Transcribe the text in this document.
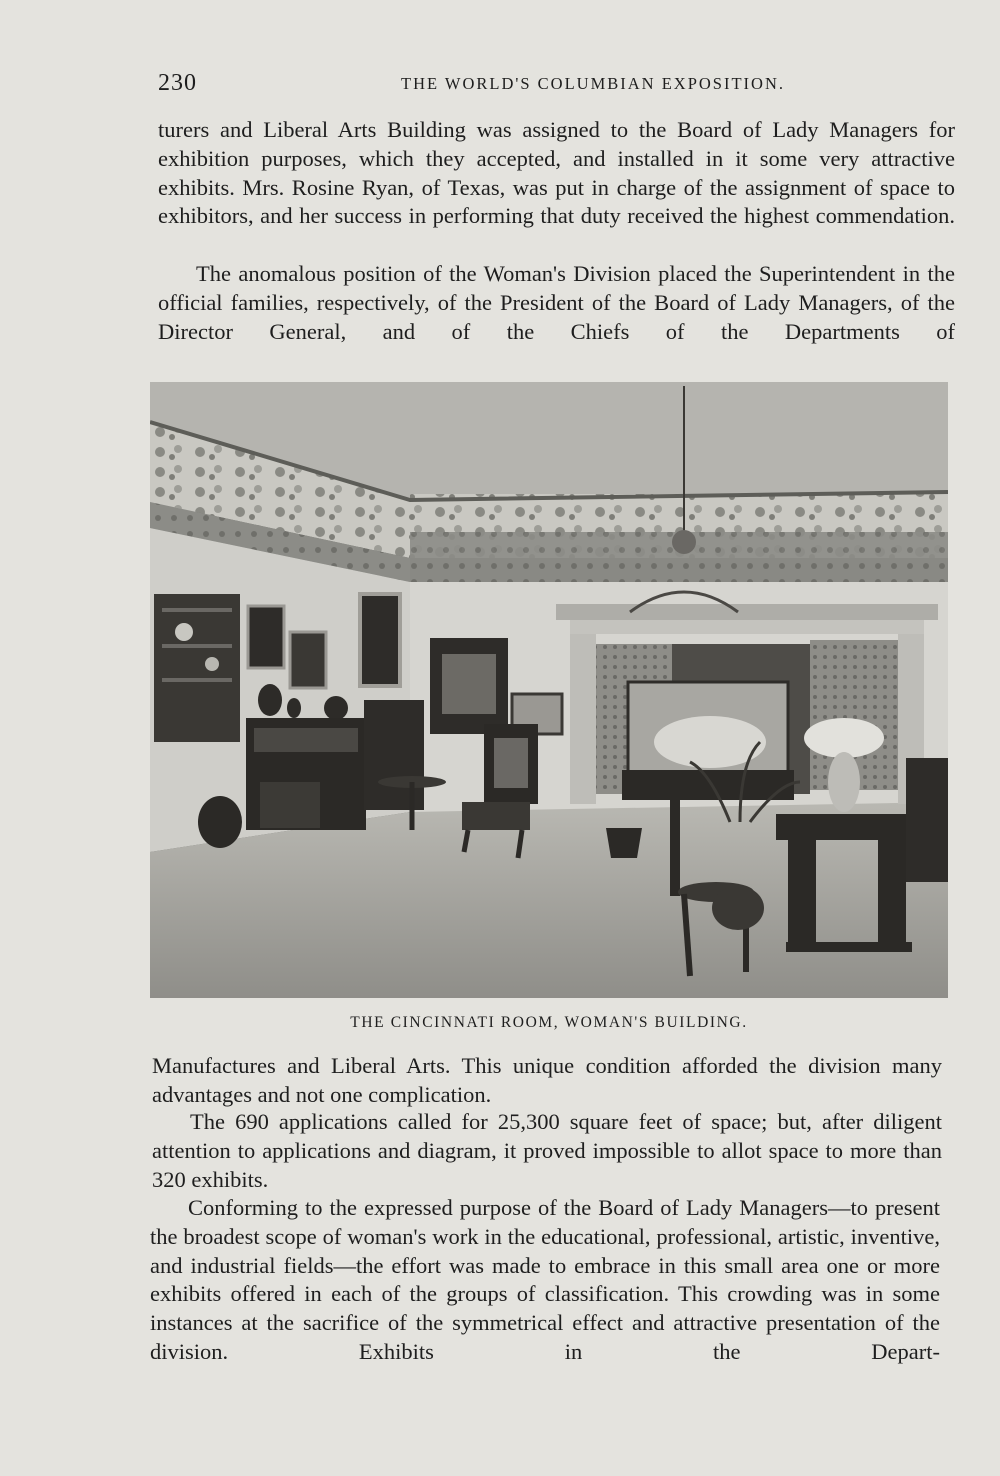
230	THE WORLD'S COLUMBIAN EXPOSITION.

turers and Liberal Arts Building was assigned to the Board of Lady Managers for exhibition purposes, which they accepted, and installed in it some very attractive exhibits. Mrs. Rosine Ryan, of Texas, was put in charge of the assignment of space to exhibitors, and her success in performing that duty received the highest commendation.

The anomalous position of the Woman's Division placed the Superintendent in the official families, respectively, of the President of the Board of Lady Managers, of the Director General, and of the Chiefs of the Departments of

THE CINCINNATI ROOM, WOMAN'S BUILDING.

Manufactures and Liberal Arts. This unique condition afforded the division many advantages and not one complication.

The 690 applications called for 25,300 square feet of space; but, after diligent attention to applications and diagram, it proved impossible to allot space to more than 320 exhibits.

Conforming to the expressed purpose of the Board of Lady Managers—to present the broadest scope of woman's work in the educational, professional, artistic, inventive, and industrial fields—the effort was made to embrace in this small area one or more exhibits offered in each of the groups of classification. This crowding was in some instances at the sacrifice of the symmetrical effect and attractive presentation of the division. Exhibits in the Depart-
